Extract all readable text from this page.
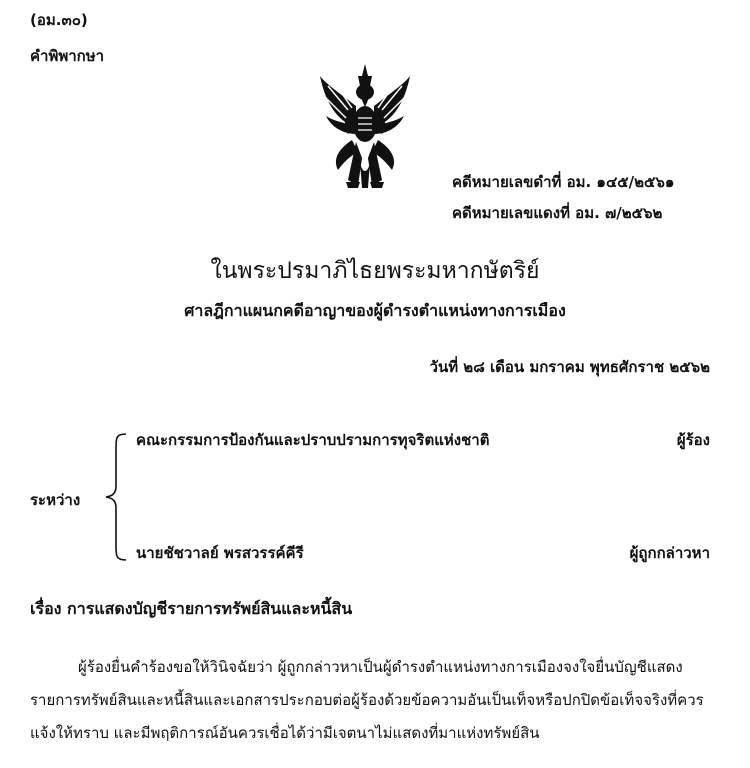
(อม.๓๐)
คำพิพากษา
คดีหมายเลขดำที่ อม. ๑๔๕/๒๕๖๑
คดีหมายเลขแดงที่ อม. ๗/๒๕๖๒
ในพระปรมาภิไธยพระมหากษัตริย์
ศาลฎีกาแผนกคดีอาญาของผู้ดำรงตำแหน่งทางการเมือง
วันที่ ๒๘ เดือน มกราคม พุทธศักราช ๒๕๖๒
ระหว่าง
คณะกรรมการป้องกันและปราบปรามการทุจริตแห่งชาติ	ผู้ร้อง
นายชัชวาลย์ พรสวรรค์คีรี	ผู้ถูกกล่าวหา
เรื่อง การแสดงบัญชีรายการทรัพย์สินและหนี้สิน
ผู้ร้องยื่นคำร้องขอให้วินิจฉัยว่า ผู้ถูกกล่าวหาเป็นผู้ดำรงตำแหน่งทางการเมืองจงใจยื่นบัญชีแสดงรายการทรัพย์สินและหนี้สินและเอกสารประกอบต่อผู้ร้องด้วยข้อความอันเป็นเท็จหรือปกปิดข้อเท็จจริงที่ควรแจ้งให้ทราบ และมีพฤติการณ์อันควรเชื่อได้ว่ามีเจตนาไม่แสดงที่มาแห่งทรัพย์สิน
